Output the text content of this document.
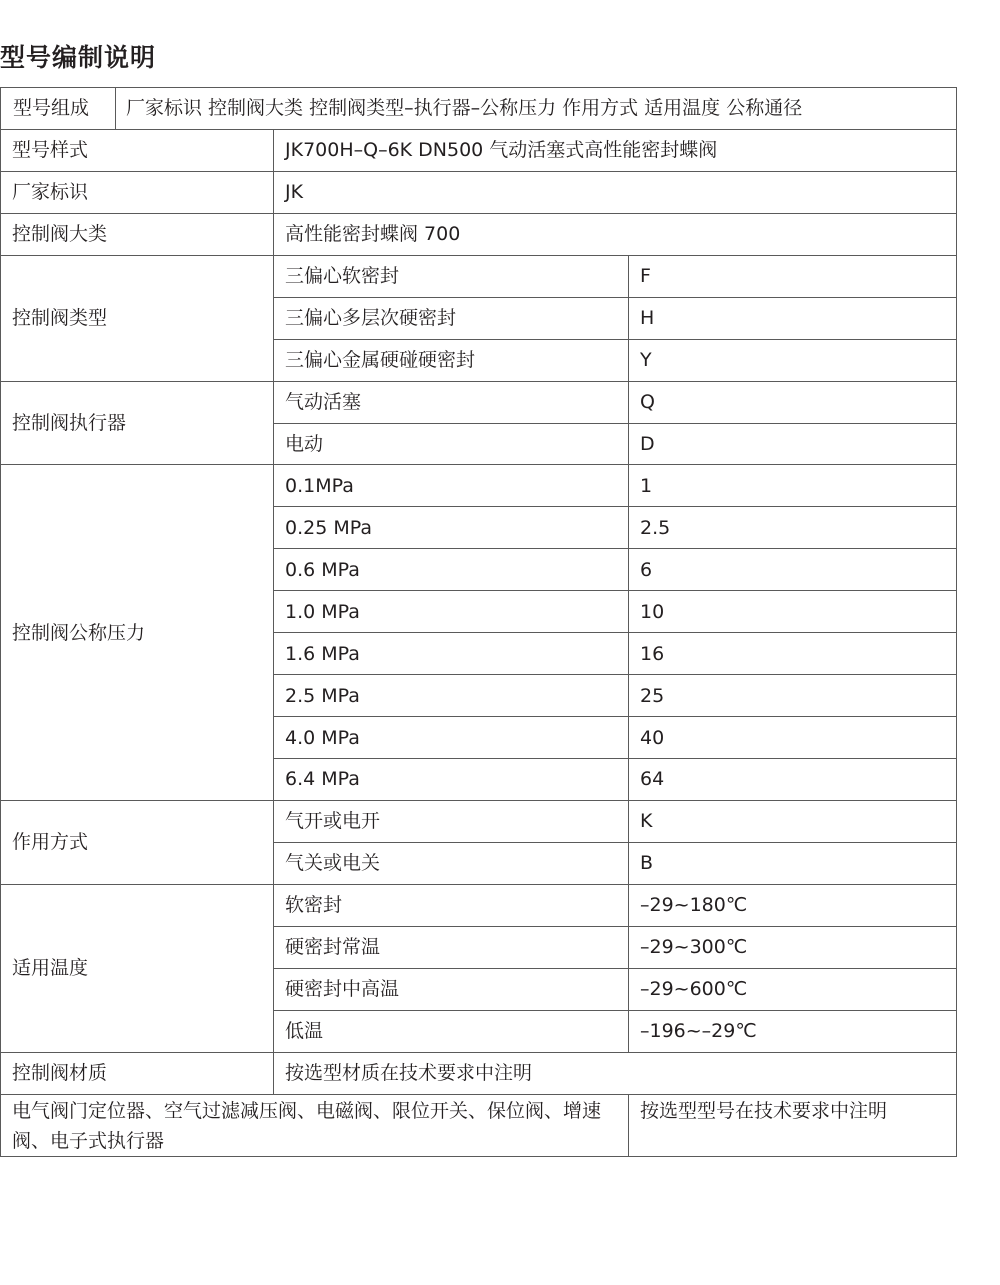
型号编制说明
型号组成	厂家标识 控制阀大类 控制阀类型–执行器–公称压力 作用方式 适用温度 公称通径		
型号样式		JK700H–Q–6K DN500 气动活塞式高性能密封蝶阀	
厂家标识		JK	
控制阀大类		高性能密封蝶阀 700	
控制阀类型		三偏心软密封	F
		三偏心多层次硬密封	H
		三偏心金属硬碰硬密封	Y
控制阀执行器		气动活塞	Q
		电动	D
控制阀公称压力		0.1MPa	1
		0.25 MPa	2.5
		0.6 MPa	6
		1.0 MPa	10
		1.6 MPa	16
		2.5 MPa	25
		4.0 MPa	40
		6.4 MPa	64
作用方式		气开或电开	K
		气关或电关	B
适用温度		软密封	–29~180℃
		硬密封常温	–29~300℃
		硬密封中高温	–29~600℃
		低温	–196~–29℃
控制阀材质		按选型材质在技术要求中注明	
电气阀门定位器、空气过滤减压阀、电磁阀、限位开关、保位阀、增速阀、电子式执行器			按选型型号在技术要求中注明
